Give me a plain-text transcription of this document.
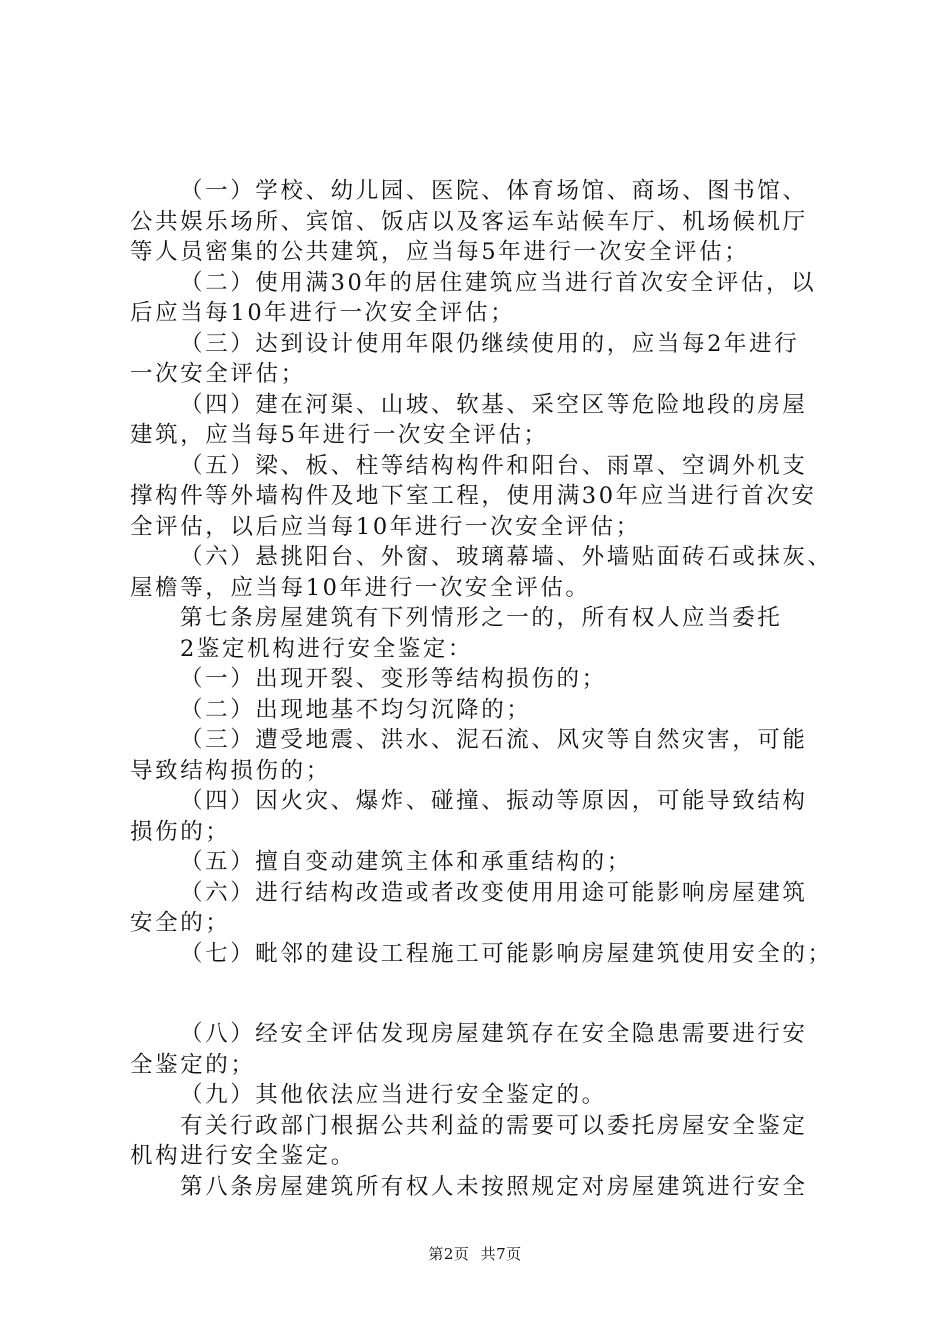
（一）学校、幼儿园、医院、体育场馆、商场、图书馆、
公共娱乐场所、宾馆、饭店以及客运车站候车厅、机场候机厅
等人员密集的公共建筑，应当每5年进行一次安全评估；
（二）使用满30年的居住建筑应当进行首次安全评估，以
后应当每10年进行一次安全评估；
（三）达到设计使用年限仍继续使用的，应当每2年进行
一次安全评估；
（四）建在河渠、山坡、软基、采空区等危险地段的房屋
建筑，应当每5年进行一次安全评估；
（五）梁、板、柱等结构构件和阳台、雨罩、空调外机支
撑构件等外墙构件及地下室工程，使用满30年应当进行首次安
全评估，以后应当每10年进行一次安全评估；
（六）悬挑阳台、外窗、玻璃幕墙、外墙贴面砖石或抹灰、
屋檐等，应当每10年进行一次安全评估。
第七条房屋建筑有下列情形之一的，所有权人应当委托
2鉴定机构进行安全鉴定：
（一）出现开裂、变形等结构损伤的；
（二）出现地基不均匀沉降的；
（三）遭受地震、洪水、泥石流、风灾等自然灾害，可能
导致结构损伤的；
（四）因火灾、爆炸、碰撞、振动等原因，可能导致结构
损伤的；
（五）擅自变动建筑主体和承重结构的；
（六）进行结构改造或者改变使用用途可能影响房屋建筑
安全的；
（七）毗邻的建设工程施工可能影响房屋建筑使用安全的；
（八）经安全评估发现房屋建筑存在安全隐患需要进行安
全鉴定的；
（九）其他依法应当进行安全鉴定的。
有关行政部门根据公共利益的需要可以委托房屋安全鉴定
机构进行安全鉴定。
第八条房屋建筑所有权人未按照规定对房屋建筑进行安全
第2页 共7页
